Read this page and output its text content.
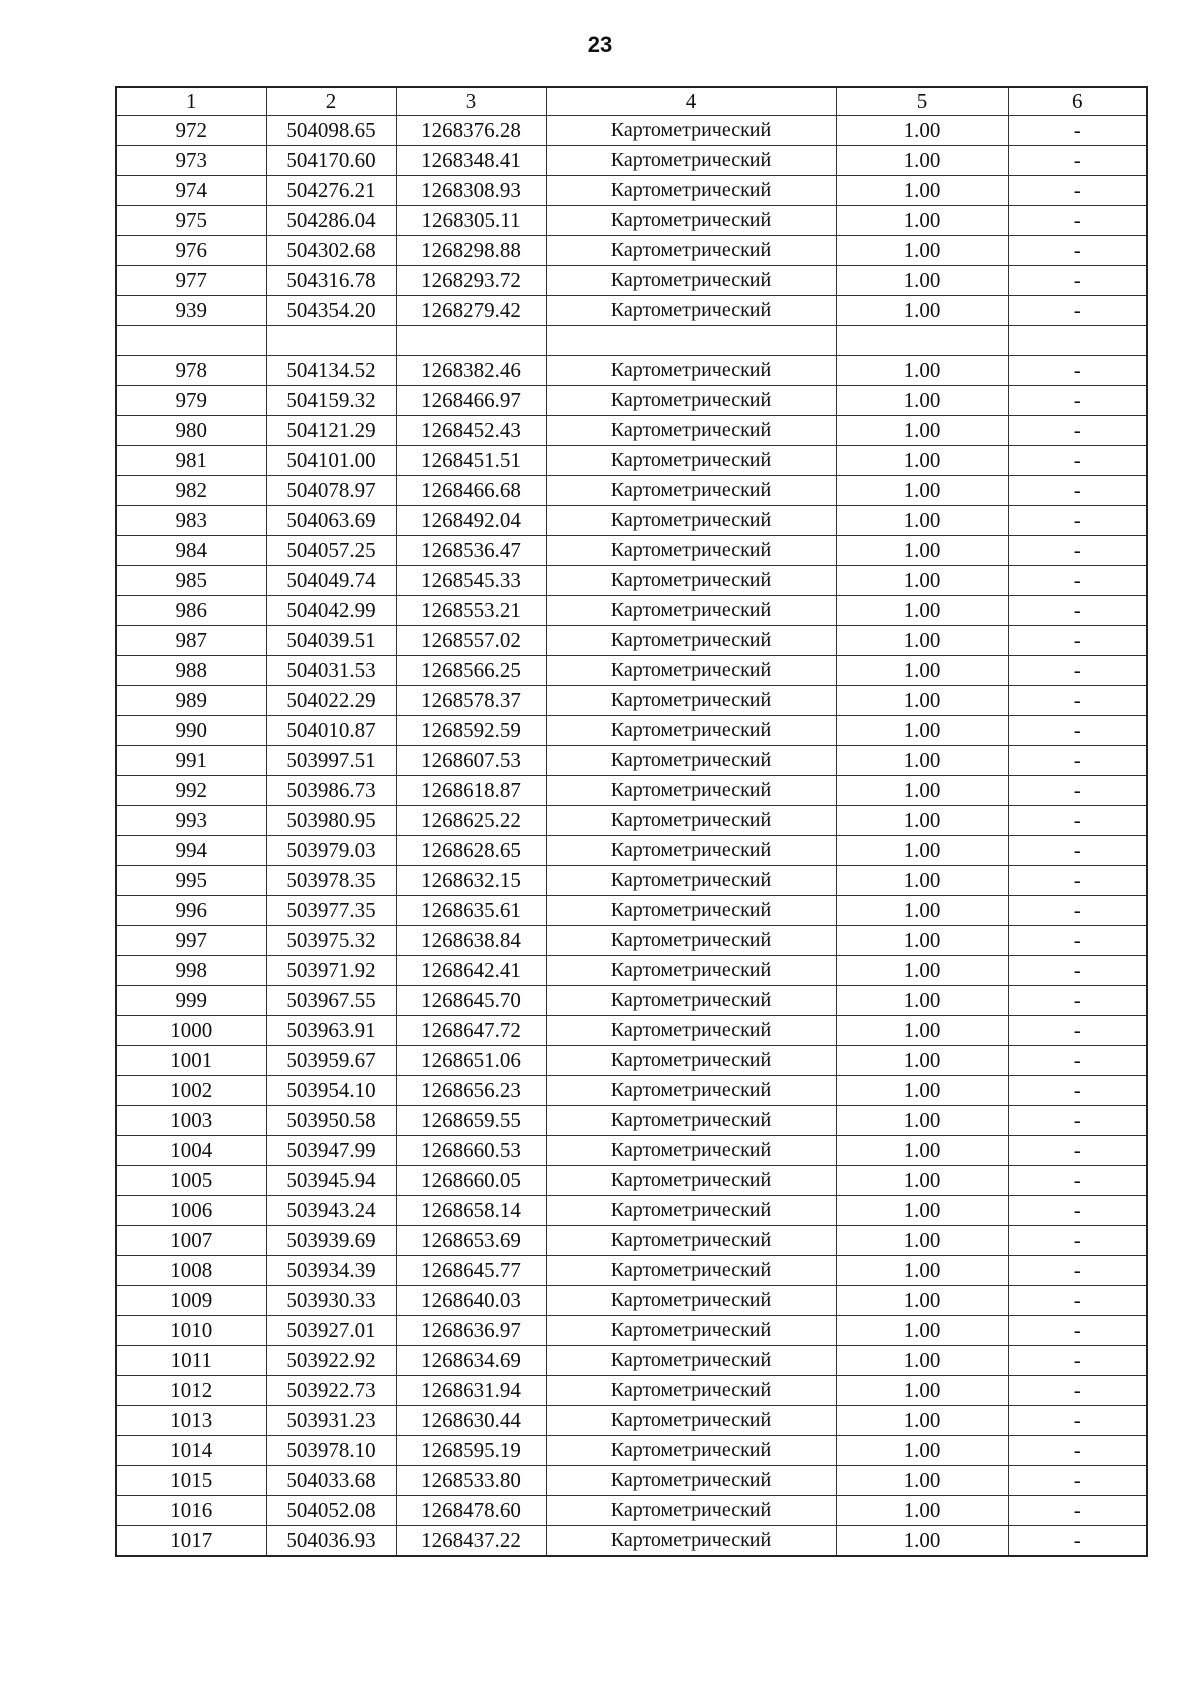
23
1	2	3	4	5	6
972	504098.65	1268376.28	Картометрический	1.00	-
973	504170.60	1268348.41	Картометрический	1.00	-
974	504276.21	1268308.93	Картометрический	1.00	-
975	504286.04	1268305.11	Картометрический	1.00	-
976	504302.68	1268298.88	Картометрический	1.00	-
977	504316.78	1268293.72	Картометрический	1.00	-
939	504354.20	1268279.42	Картометрический	1.00	-

978	504134.52	1268382.46	Картометрический	1.00	-
979	504159.32	1268466.97	Картометрический	1.00	-
980	504121.29	1268452.43	Картометрический	1.00	-
981	504101.00	1268451.51	Картометрический	1.00	-
982	504078.97	1268466.68	Картометрический	1.00	-
983	504063.69	1268492.04	Картометрический	1.00	-
984	504057.25	1268536.47	Картометрический	1.00	-
985	504049.74	1268545.33	Картометрический	1.00	-
986	504042.99	1268553.21	Картометрический	1.00	-
987	504039.51	1268557.02	Картометрический	1.00	-
988	504031.53	1268566.25	Картометрический	1.00	-
989	504022.29	1268578.37	Картометрический	1.00	-
990	504010.87	1268592.59	Картометрический	1.00	-
991	503997.51	1268607.53	Картометрический	1.00	-
992	503986.73	1268618.87	Картометрический	1.00	-
993	503980.95	1268625.22	Картометрический	1.00	-
994	503979.03	1268628.65	Картометрический	1.00	-
995	503978.35	1268632.15	Картометрический	1.00	-
996	503977.35	1268635.61	Картометрический	1.00	-
997	503975.32	1268638.84	Картометрический	1.00	-
998	503971.92	1268642.41	Картометрический	1.00	-
999	503967.55	1268645.70	Картометрический	1.00	-
1000	503963.91	1268647.72	Картометрический	1.00	-
1001	503959.67	1268651.06	Картометрический	1.00	-
1002	503954.10	1268656.23	Картометрический	1.00	-
1003	503950.58	1268659.55	Картометрический	1.00	-
1004	503947.99	1268660.53	Картометрический	1.00	-
1005	503945.94	1268660.05	Картометрический	1.00	-
1006	503943.24	1268658.14	Картометрический	1.00	-
1007	503939.69	1268653.69	Картометрический	1.00	-
1008	503934.39	1268645.77	Картометрический	1.00	-
1009	503930.33	1268640.03	Картометрический	1.00	-
1010	503927.01	1268636.97	Картометрический	1.00	-
1011	503922.92	1268634.69	Картометрический	1.00	-
1012	503922.73	1268631.94	Картометрический	1.00	-
1013	503931.23	1268630.44	Картометрический	1.00	-
1014	503978.10	1268595.19	Картометрический	1.00	-
1015	504033.68	1268533.80	Картометрический	1.00	-
1016	504052.08	1268478.60	Картометрический	1.00	-
1017	504036.93	1268437.22	Картометрический	1.00	-
